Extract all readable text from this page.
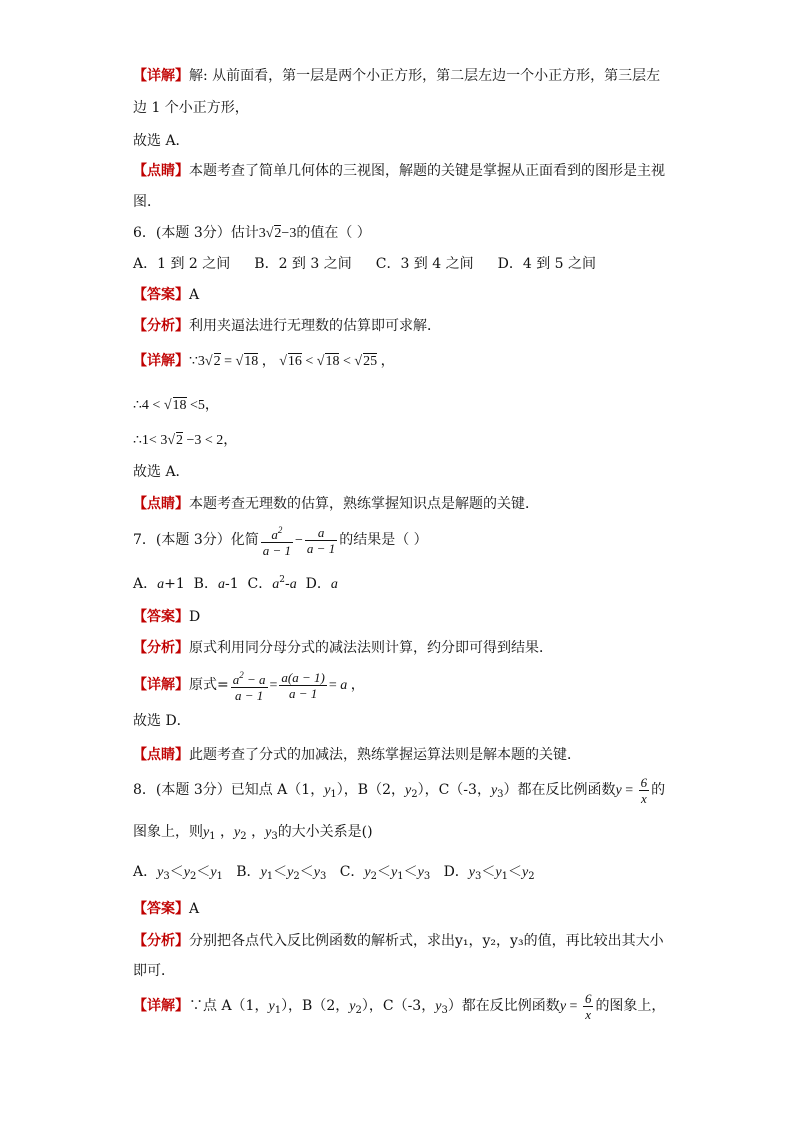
【详解】解: 从前面看，第一层是两个小正方形，第二层左边一个小正方形，第三层左
边 1 个小正方形，
故选 A．
【点睛】本题考查了简单几何体的三视图，解题的关键是掌握从正面看到的图形是主视
图．
6．(本题 3分）估计3√2−3的值在（ ）
A．1 到 2 之间 B．2 到 3 之间 C．3 到 4 之间 D．4 到 5 之间
【答案】A
【分析】利用夹逼法进行无理数的估算即可求解．
【详解】∵3√2 = √18 ， √16 < √18 < √25 ，
∴4 < √18 <5，
∴1< 3√2 −3 < 2，
故选 A．
【点睛】本题考查无理数的估算，熟练掌握知识点是解题的关键．
7．(本题 3分）化简 $\frac{a^2}{a - 1} - \frac{a}{a - 1}$ 的结果是（ ）
A．a+1 B．a-1 C．$a^2-a$ D．a
【答案】D
【分析】原式利用同分母分式的减法法则计算，约分即可得到结果．
【详解】原式= $\frac{a^2 - a}{a - 1} = \frac{a(a - 1)}{a - 1} = a$ ，
故选 D．
【点睛】此题考查了分式的加减法，熟练掌握运算法则是解本题的关键．
8．(本题 3分）已知点 A（1，$y_1$），B（2，$y_2$），C（-3，$y_3$）都在反比例函数$y = \frac{6}{x}$ 的
图象上，则$y_1$ ，$y_2$ ，$y_3$的大小关系是()
A．$y_3<y_2<y_1$ B．$y_1<y_2<y_3$ C．$y_2<y_1<y_3$ D．$y_3<y_1<y_2$
【答案】A
【分析】分别把各点代入反比例函数的解析式，求出y₁，y₂，y₃的值，再比较出其大小
即可．
【详解】∵点 A（1，$y_1$），B（2，$y_2$），C（-3，$y_3$）都在反比例函数$y = \frac{6}{x}$ 的图象上，
